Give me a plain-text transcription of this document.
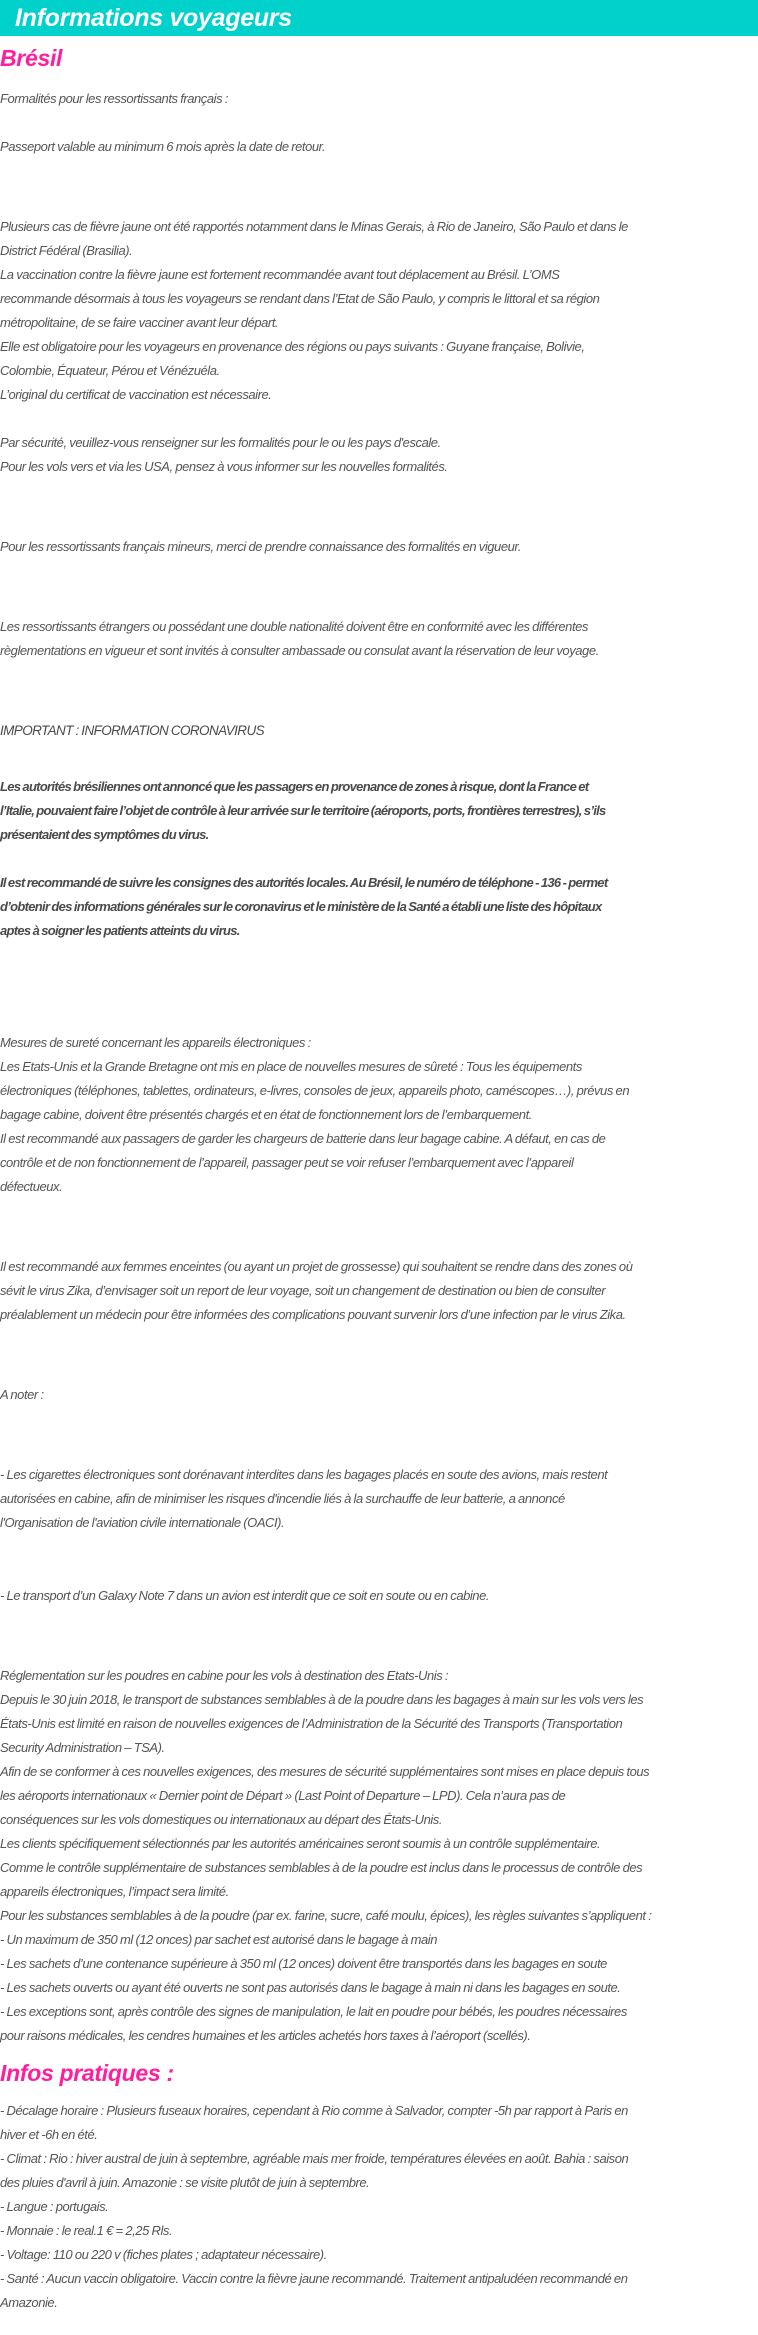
Informations voyageurs
Brésil
Formalités pour les ressortissants français :
Passeport valable au minimum 6 mois après la date de retour.
Plusieurs cas de fièvre jaune ont été rapportés notamment dans le Minas Gerais, à Rio de Janeiro, São Paulo et dans le
District Fédéral (Brasilia).
La vaccination contre la fièvre jaune est fortement recommandée avant tout déplacement au Brésil. L’OMS
recommande désormais à tous les voyageurs se rendant dans l’Etat de São Paulo, y compris le littoral et sa région
métropolitaine, de se faire vacciner avant leur départ.
Elle est obligatoire pour les voyageurs en provenance des régions ou pays suivants : Guyane française, Bolivie,
Colombie, Équateur, Pérou et Vénézuéla.
L’original du certificat de vaccination est nécessaire.
Par sécurité, veuillez-vous renseigner sur les formalités pour le ou les pays d'escale.
Pour les vols vers et via les USA, pensez à vous informer sur les nouvelles formalités.
Pour les ressortissants français mineurs, merci de prendre connaissance des formalités en vigueur.
Les ressortissants étrangers ou possédant une double nationalité doivent être en conformité avec les différentes
règlementations en vigueur et sont invités à consulter ambassade ou consulat avant la réservation de leur voyage.
IMPORTANT : INFORMATION CORONAVIRUS
Les autorités brésiliennes ont annoncé que les passagers en provenance de zones à risque, dont la France et
l’Italie, pouvaient faire l’objet de contrôle à leur arrivée sur le territoire (aéroports, ports, frontières terrestres), s’ils
présentaient des symptômes du virus.
Il est recommandé de suivre les consignes des autorités locales. Au Brésil, le numéro de téléphone - 136 - permet
d’obtenir des informations générales sur le coronavirus et le ministère de la Santé a établi une liste des hôpitaux
aptes à soigner les patients atteints du virus.
Mesures de sureté concernant les appareils électroniques :
Les Etats-Unis et la Grande Bretagne ont mis en place de nouvelles mesures de sûreté : Tous les équipements
électroniques (téléphones, tablettes, ordinateurs, e-livres, consoles de jeux, appareils photo, caméscopes…), prévus en
bagage cabine, doivent être présentés chargés et en état de fonctionnement lors de l’embarquement.
Il est recommandé aux passagers de garder les chargeurs de batterie dans leur bagage cabine. A défaut, en cas de
contrôle et de non fonctionnement de l’appareil, passager peut se voir refuser l’embarquement avec l’appareil
défectueux.
Il est recommandé aux femmes enceintes (ou ayant un projet de grossesse) qui souhaitent se rendre dans des zones où
sévit le virus Zika, d’envisager soit un report de leur voyage, soit un changement de destination ou bien de consulter
préalablement un médecin pour être informées des complications pouvant survenir lors d’une infection par le virus Zika.
A noter :
- Les cigarettes électroniques sont dorénavant interdites dans les bagages placés en soute des avions, mais restent
autorisées en cabine, afin de minimiser les risques d'incendie liés à la surchauffe de leur batterie, a annoncé
l'Organisation de l'aviation civile internationale (OACI).
- Le transport d’un Galaxy Note 7 dans un avion est interdit que ce soit en soute ou en cabine.
Réglementation sur les poudres en cabine pour les vols à destination des Etats-Unis :
Depuis le 30 juin 2018, le transport de substances semblables à de la poudre dans les bagages à main sur les vols vers les
États-Unis est limité en raison de nouvelles exigences de l’Administration de la Sécurité des Transports (Transportation
Security Administration – TSA).
Afin de se conformer à ces nouvelles exigences, des mesures de sécurité supplémentaires sont mises en place depuis tous
les aéroports internationaux « Dernier point de Départ » (Last Point of Departure – LPD). Cela n’aura pas de
conséquences sur les vols domestiques ou internationaux au départ des États-Unis.
Les clients spécifiquement sélectionnés par les autorités américaines seront soumis à un contrôle supplémentaire.
Comme le contrôle supplémentaire de substances semblables à de la poudre est inclus dans le processus de contrôle des
appareils électroniques, l’impact sera limité.
Pour les substances semblables à de la poudre (par ex. farine, sucre, café moulu, épices), les règles suivantes s’appliquent :
- Un maximum de 350 ml (12 onces) par sachet est autorisé dans le bagage à main
- Les sachets d’une contenance supérieure à 350 ml (12 onces) doivent être transportés dans les bagages en soute
- Les sachets ouverts ou ayant été ouverts ne sont pas autorisés dans le bagage à main ni dans les bagages en soute.
- Les exceptions sont, après contrôle des signes de manipulation, le lait en poudre pour bébés, les poudres nécessaires
pour raisons médicales, les cendres humaines et les articles achetés hors taxes à l’aéroport (scellés).
Infos pratiques :
- Décalage horaire : Plusieurs fuseaux horaires, cependant à Rio comme à Salvador, compter -5h par rapport à Paris en
hiver et -6h en été.
- Climat : Rio : hiver austral de juin à septembre, agréable mais mer froide, températures élevées en août. Bahia : saison
des pluies d'avril à juin. Amazonie : se visite plutôt de juin à septembre.
- Langue : portugais.
- Monnaie : le real.1 € = 2,25 Rls.
- Voltage: 110 ou 220 v (fiches plates ; adaptateur nécessaire).
- Santé : Aucun vaccin obligatoire. Vaccin contre la fièvre jaune recommandé. Traitement antipaludéen recommandé en
Amazonie.
